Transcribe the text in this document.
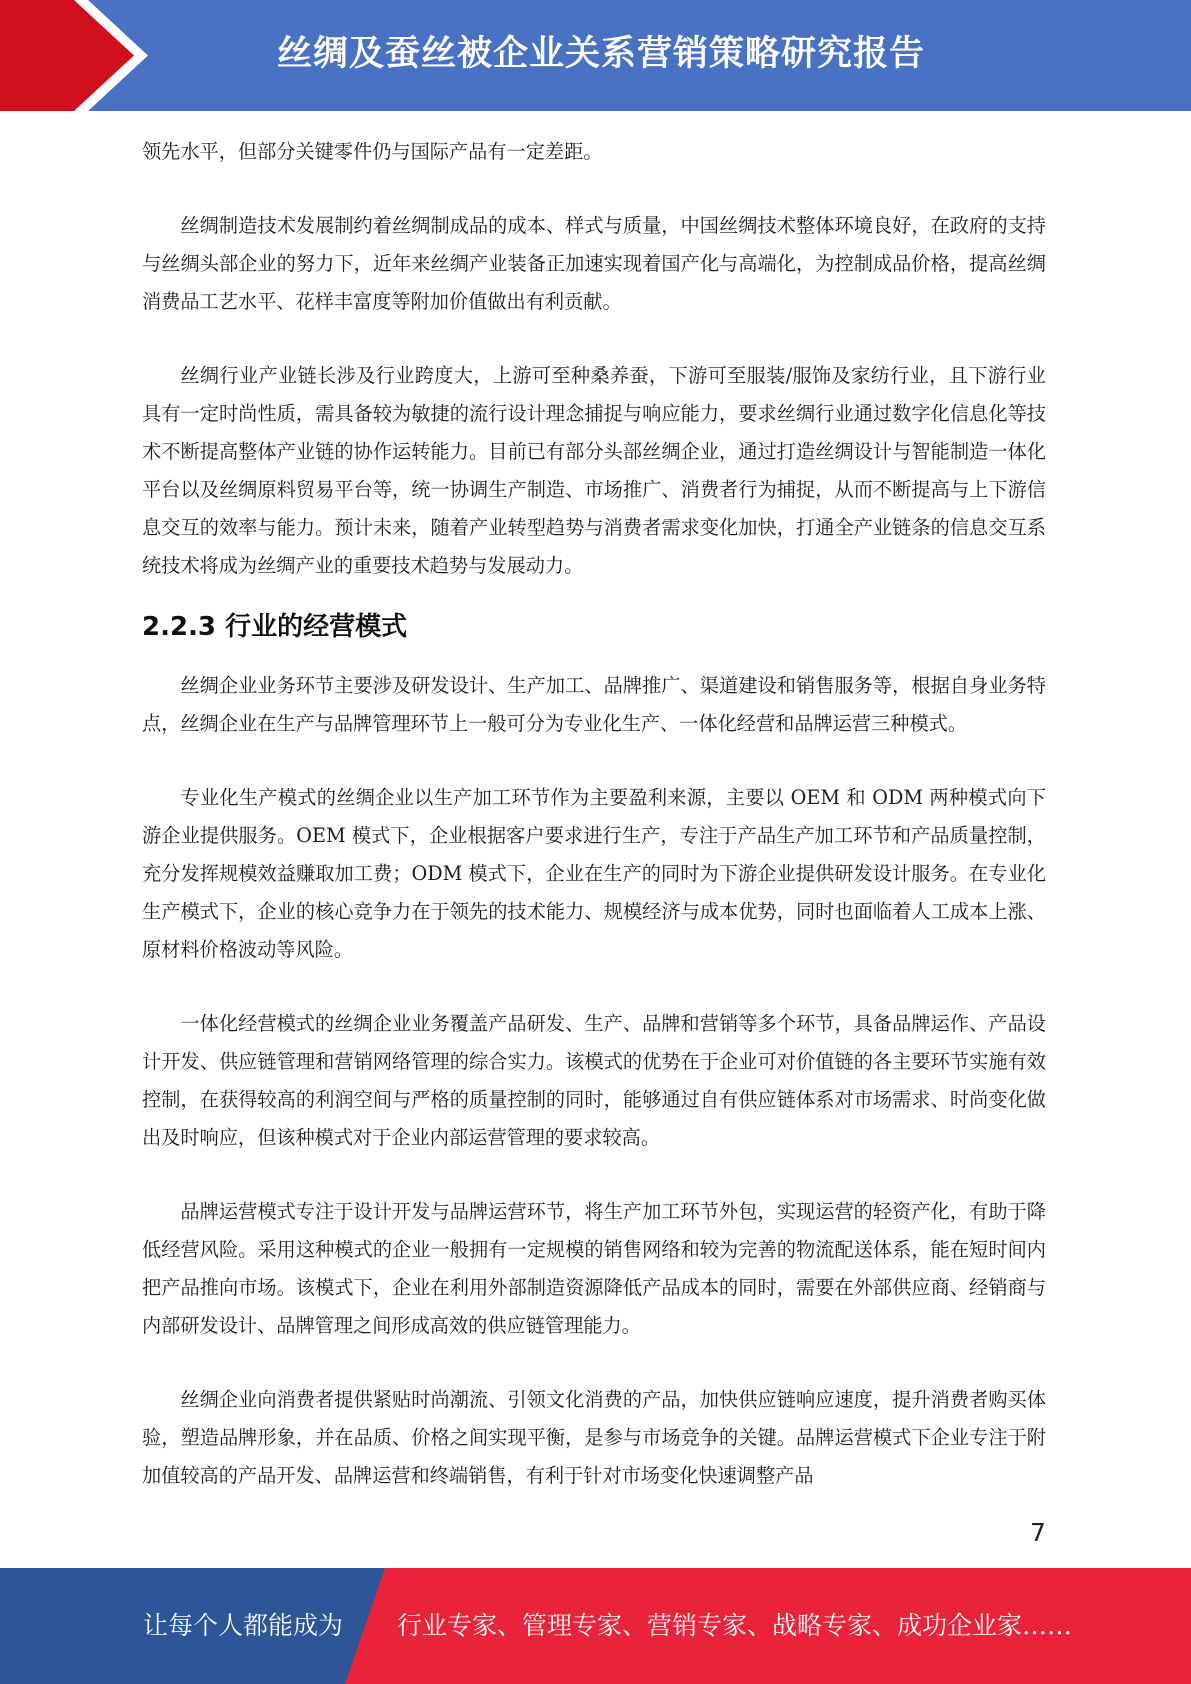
丝绸及蚕丝被企业关系营销策略研究报告

领先水平，但部分关键零件仍与国际产品有一定差距。

丝绸制造技术发展制约着丝绸制成品的成本、样式与质量，中国丝绸技术整体环境良好，在政府的支持与丝绸头部企业的努力下，近年来丝绸产业装备正加速实现着国产化与高端化，为控制成品价格，提高丝绸消费品工艺水平、花样丰富度等附加价值做出有利贡献。

丝绸行业产业链长涉及行业跨度大，上游可至种桑养蚕，下游可至服装/服饰及家纺行业，且下游行业具有一定时尚性质，需具备较为敏捷的流行设计理念捕捉与响应能力，要求丝绸行业通过数字化信息化等技术不断提高整体产业链的协作运转能力。目前已有部分头部丝绸企业，通过打造丝绸设计与智能制造一体化平台以及丝绸原料贸易平台等，统一协调生产制造、市场推广、消费者行为捕捉，从而不断提高与上下游信息交互的效率与能力。预计未来，随着产业转型趋势与消费者需求变化加快，打通全产业链条的信息交互系统技术将成为丝绸产业的重要技术趋势与发展动力。

2.2.3 行业的经营模式

丝绸企业业务环节主要涉及研发设计、生产加工、品牌推广、渠道建设和销售服务等，根据自身业务特点，丝绸企业在生产与品牌管理环节上一般可分为专业化生产、一体化经营和品牌运营三种模式。

专业化生产模式的丝绸企业以生产加工环节作为主要盈利来源，主要以 OEM 和 ODM 两种模式向下游企业提供服务。OEM 模式下，企业根据客户要求进行生产，专注于产品生产加工环节和产品质量控制，充分发挥规模效益赚取加工费；ODM 模式下，企业在生产的同时为下游企业提供研发设计服务。在专业化生产模式下，企业的核心竞争力在于领先的技术能力、规模经济与成本优势，同时也面临着人工成本上涨、原材料价格波动等风险。

一体化经营模式的丝绸企业业务覆盖产品研发、生产、品牌和营销等多个环节，具备品牌运作、产品设计开发、供应链管理和营销网络管理的综合实力。该模式的优势在于企业可对价值链的各主要环节实施有效控制，在获得较高的利润空间与严格的质量控制的同时，能够通过自有供应链体系对市场需求、时尚变化做出及时响应，但该种模式对于企业内部运营管理的要求较高。

品牌运营模式专注于设计开发与品牌运营环节，将生产加工环节外包，实现运营的轻资产化，有助于降低经营风险。采用这种模式的企业一般拥有一定规模的销售网络和较为完善的物流配送体系，能在短时间内把产品推向市场。该模式下，企业在利用外部制造资源降低产品成本的同时，需要在外部供应商、经销商与内部研发设计、品牌管理之间形成高效的供应链管理能力。

丝绸企业向消费者提供紧贴时尚潮流、引领文化消费的产品，加快供应链响应速度，提升消费者购买体验，塑造品牌形象，并在品质、价格之间实现平衡，是参与市场竞争的关键。品牌运营模式下企业专注于附加值较高的产品开发、品牌运营和终端销售，有利于针对市场变化快速调整产品

7
让每个人都能成为 行业专家、管理专家、营销专家、战略专家、成功企业家……
